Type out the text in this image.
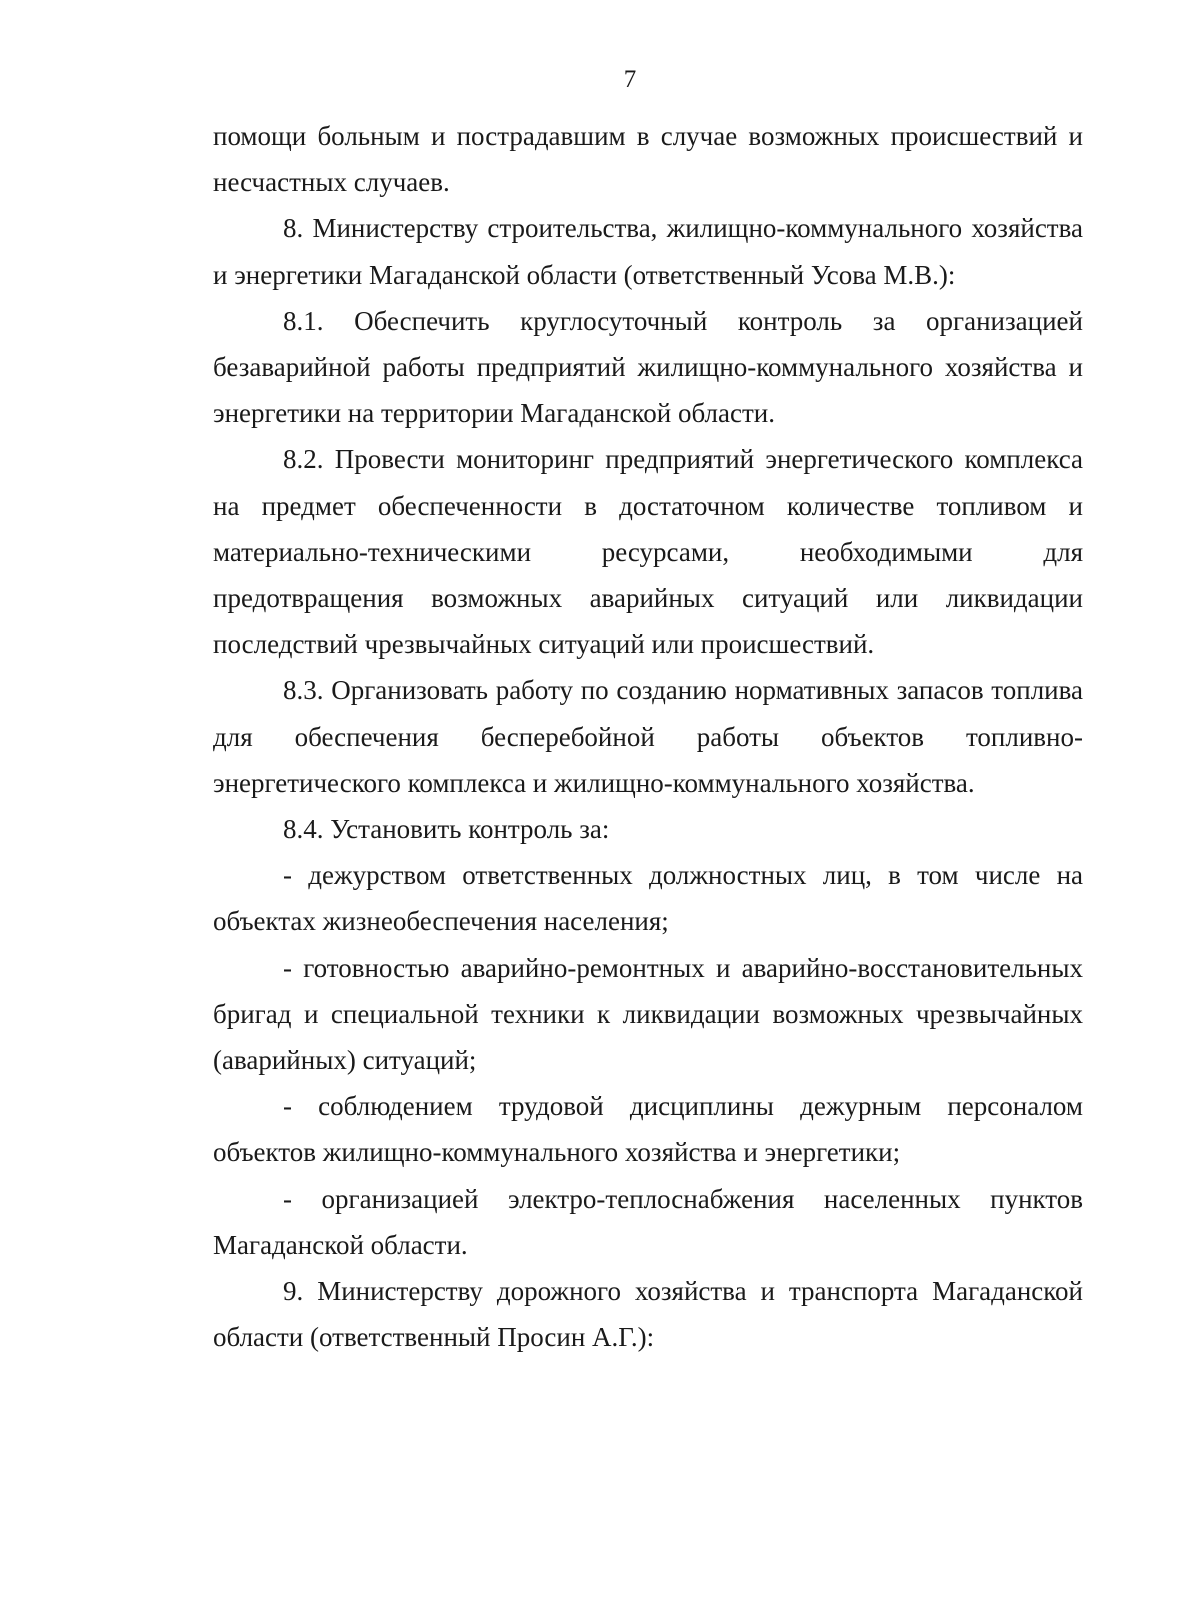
7

помощи больным и пострадавшим в случае возможных происшествий и несчастных случаев.

8. Министерству строительства, жилищно-коммунального хозяйства и энергетики Магаданской области (ответственный Усова М.В.):

8.1. Обеспечить круглосуточный контроль за организацией безаварийной работы предприятий жилищно-коммунального хозяйства и энергетики на территории Магаданской области.

8.2. Провести мониторинг предприятий энергетического комплекса на предмет обеспеченности в достаточном количестве топливом и материально-техническими ресурсами, необходимыми для предотвращения возможных аварийных ситуаций или ликвидации последствий чрезвычайных ситуаций или происшествий.

8.3. Организовать работу по созданию нормативных запасов топлива для обеспечения бесперебойной работы объектов топливно-энергетического комплекса и жилищно-коммунального хозяйства.

8.4. Установить контроль за:

- дежурством ответственных должностных лиц, в том числе на объектах жизнеобеспечения населения;

- готовностью аварийно-ремонтных и аварийно-восстановительных бригад и специальной техники к ликвидации возможных чрезвычайных (аварийных) ситуаций;

- соблюдением трудовой дисциплины дежурным персоналом объектов жилищно-коммунального хозяйства и энергетики;

- организацией электро-теплоснабжения населенных пунктов Магаданской области.

9. Министерству дорожного хозяйства и транспорта Магаданской области (ответственный Просин А.Г.):
